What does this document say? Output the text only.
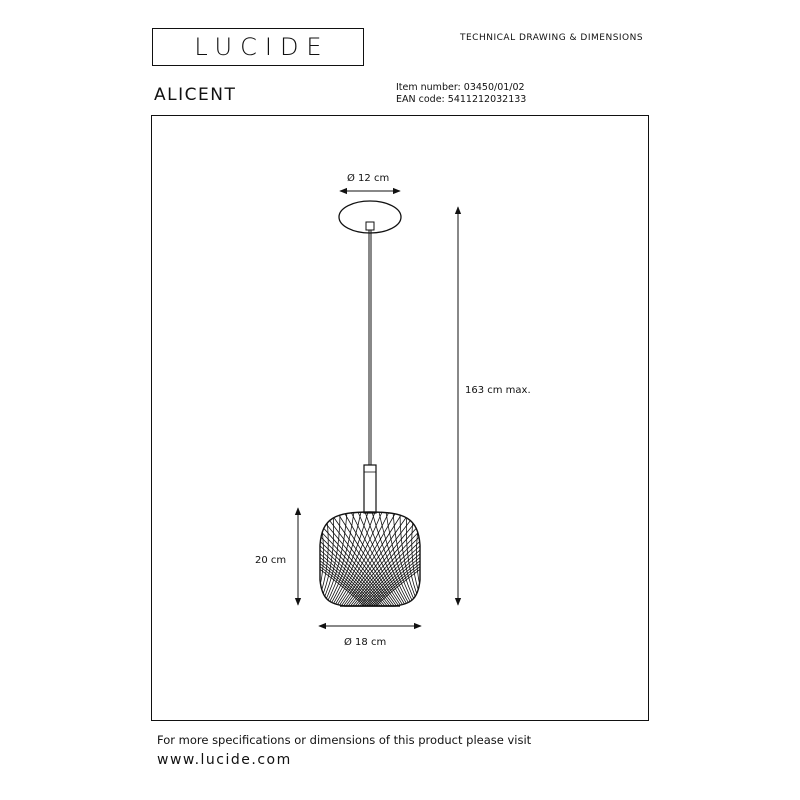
LUCIDE	TECHNICAL DRAWING & DIMENSIONS
ALICENT	Item number: 03450/01/02
EAN code: 5411212032133
Ø 12 cm
163 cm max.
20 cm
Ø 18 cm
For more specifications or dimensions of this product please visit
www.lucide.com
